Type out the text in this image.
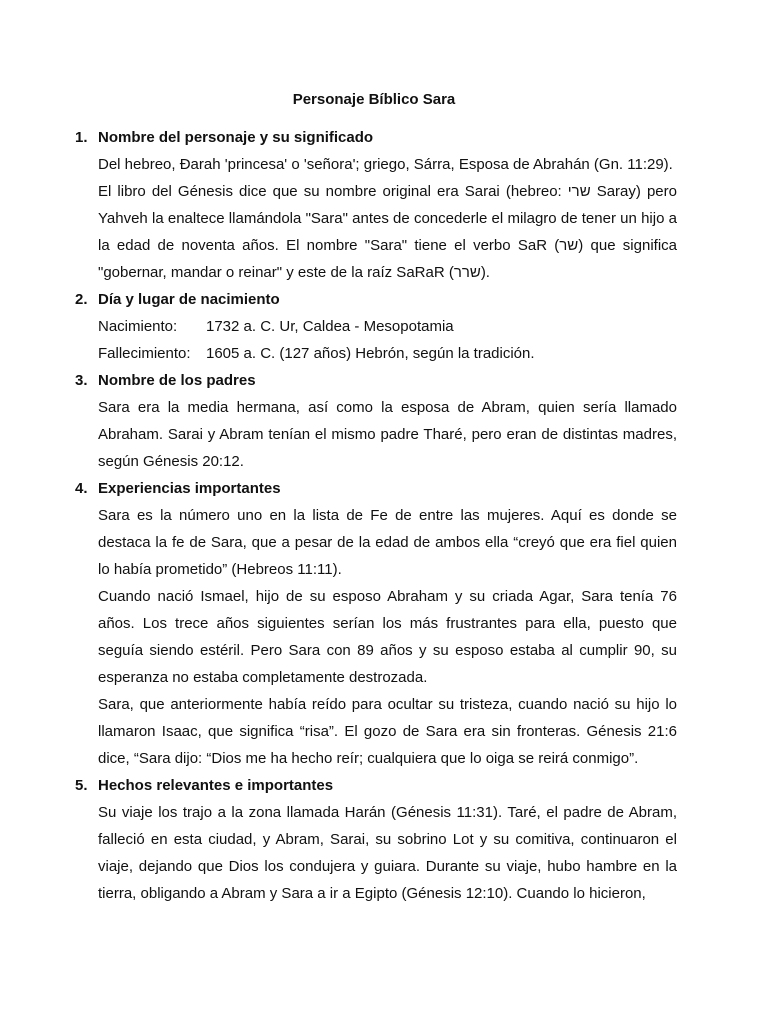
Personaje Bíblico Sara
1. Nombre del personaje y su significado

Del hebreo, Ðarah 'princesa' o 'señora'; griego, Sárra, Esposa de Abrahán (Gn. 11:29).

El libro del Génesis dice que su nombre original era Sarai (hebreo: שרי Saray) pero Yahveh la enaltece llamándola "Sara" antes de concederle el milagro de tener un hijo a la edad de noventa años. El nombre "Sara" tiene el verbo SaR (שר) que significa "gobernar, mandar o reinar" y este de la raíz SaRaR (שרר).

2. Día y lugar de nacimiento
Nacimiento:	1732 a. C. Ur, Caldea - Mesopotamia
Fallecimiento:	1605 a. C. (127 años) Hebrón, según la tradición.
3. Nombre de los padres

Sara era la media hermana, así como la esposa de Abram, quien sería llamado Abraham. Sarai y Abram tenían el mismo padre Tharé, pero eran de distintas madres, según Génesis 20:12.

4. Experiencias importantes

Sara es la número uno en la lista de Fe de entre las mujeres. Aquí es donde se destaca la fe de Sara, que a pesar de la edad de ambos ella “creyó que era fiel quien lo había prometido” (Hebreos 11:11).

Cuando nació Ismael, hijo de su esposo Abraham y su criada Agar, Sara tenía 76 años. Los trece años siguientes serían los más frustrantes para ella, puesto que seguía siendo estéril. Pero Sara con 89 años y su esposo estaba al cumplir 90, su esperanza no estaba completamente destrozada.

Sara, que anteriormente había reído para ocultar su tristeza, cuando nació su hijo lo llamaron Isaac, que significa “risa”. El gozo de Sara era sin fronteras. Génesis 21:6 dice, “Sara dijo: “Dios me ha hecho reír; cualquiera que lo oiga se reirá conmigo”.

5. Hechos relevantes e importantes

Su viaje los trajo a la zona llamada Harán (Génesis 11:31). Taré, el padre de Abram, falleció en esta ciudad, y Abram, Sarai, su sobrino Lot y su comitiva, continuaron el viaje, dejando que Dios los condujera y guiara. Durante su viaje, hubo hambre en la tierra, obligando a Abram y Sara a ir a Egipto (Génesis 12:10). Cuando lo hicieron,
